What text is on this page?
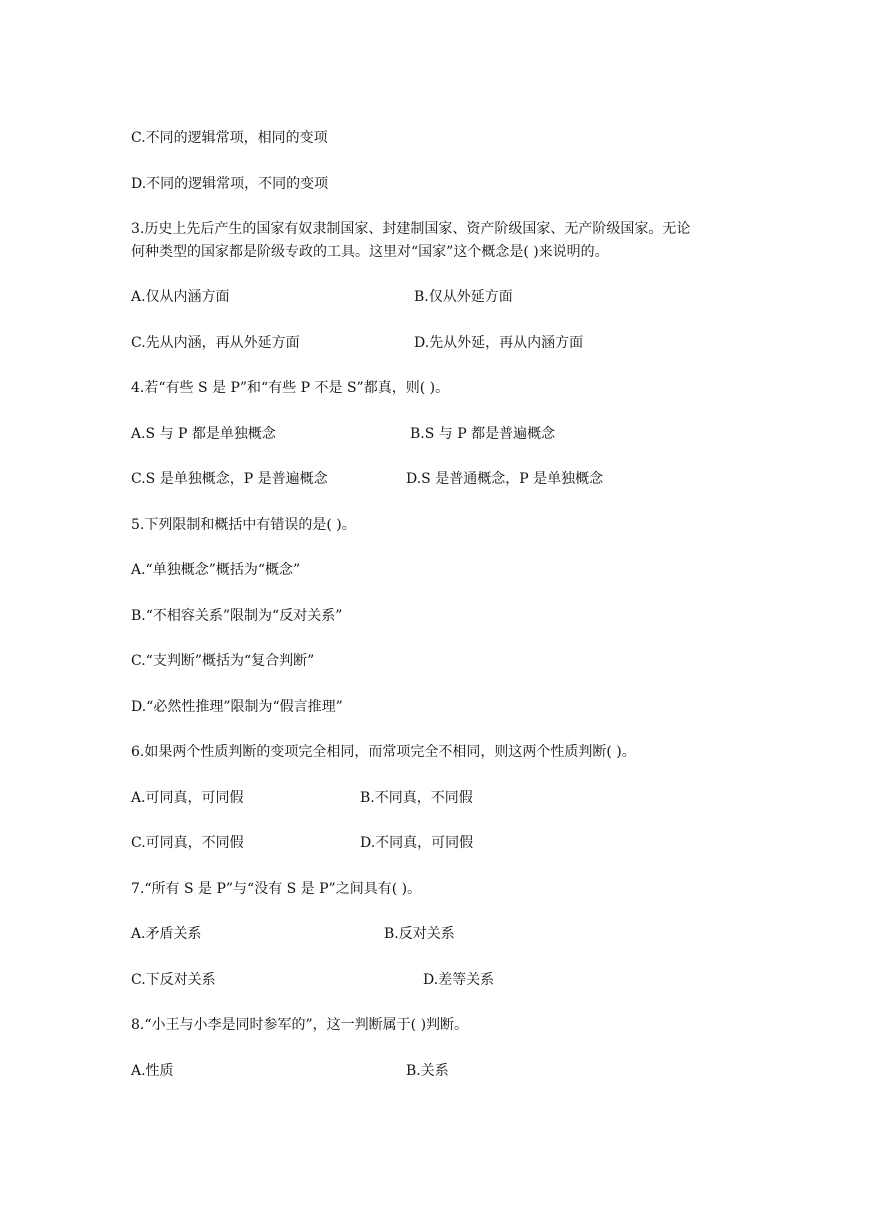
C.不同的逻辑常项，相同的变项
D.不同的逻辑常项，不同的变项
3.历史上先后产生的国家有奴隶制国家、封建制国家、资产阶级国家、无产阶级国家。无论
何种类型的国家都是阶级专政的工具。这里对“国家”这个概念是( )来说明的。
A.仅从内涵方面	B.仅从外延方面
C.先从内涵，再从外延方面	D.先从外延，再从内涵方面
4.若“有些 S 是 P”和“有些 P 不是 S”都真，则( )。
A.S 与 P 都是单独概念	B.S 与 P 都是普遍概念
C.S 是单独概念，P 是普遍概念	D.S 是普通概念，P 是单独概念
5.下列限制和概括中有错误的是( )。
A.“单独概念”概括为“概念”
B.“不相容关系”限制为“反对关系”
C.“支判断”概括为“复合判断”
D.“必然性推理”限制为“假言推理”
6.如果两个性质判断的变项完全相同，而常项完全不相同，则这两个性质判断( )。
A.可同真，可同假	B.不同真，不同假
C.可同真，不同假	D.不同真，可同假
7.“所有 S 是 P”与“没有 S 是 P”之间具有( )。
A.矛盾关系	B.反对关系
C.下反对关系	D.差等关系
8.“小王与小李是同时参军的”，这一判断属于( )判断。
A.性质	B.关系
